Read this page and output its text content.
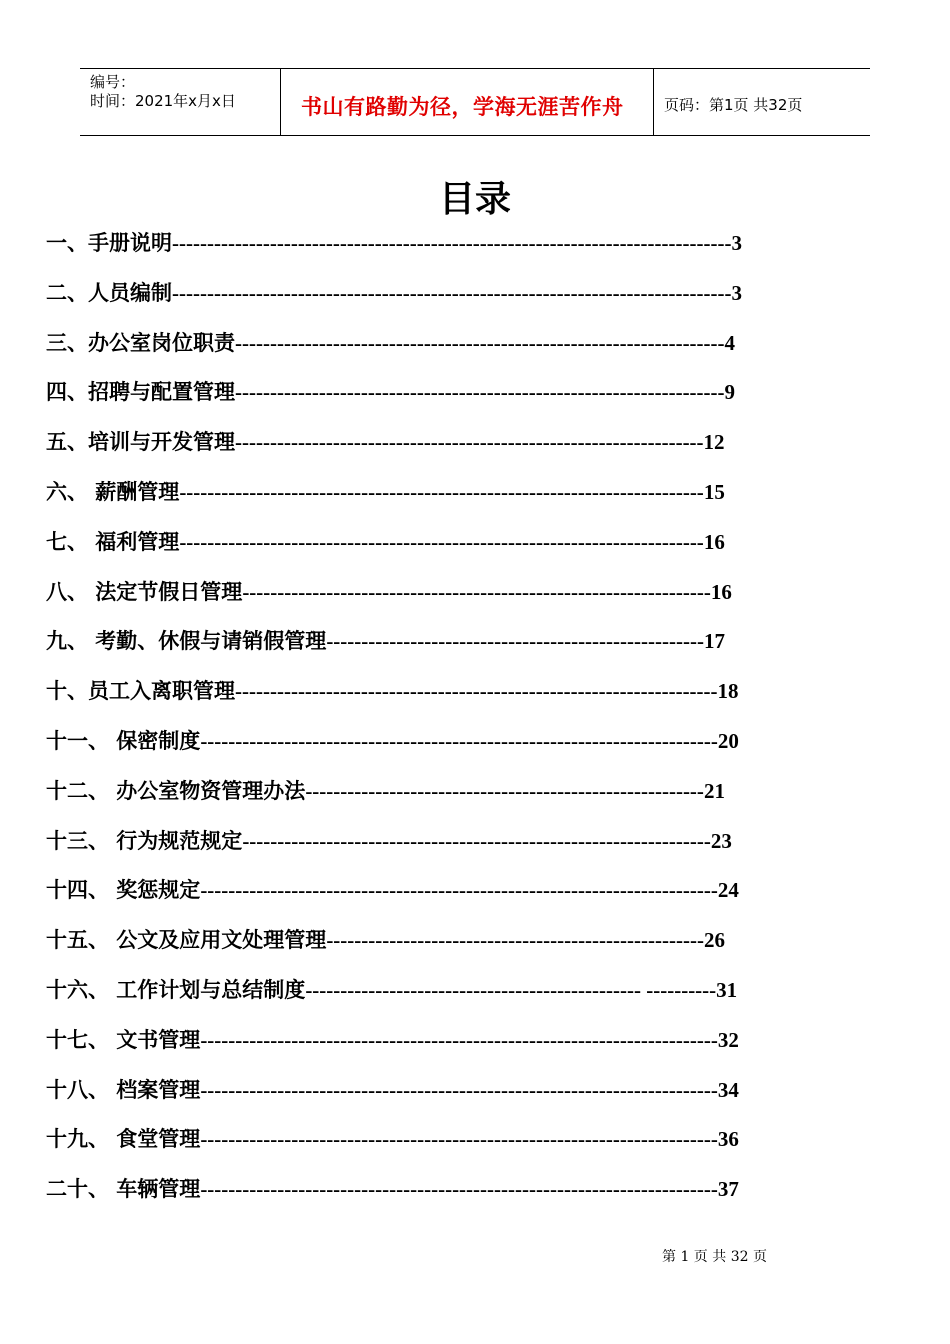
编号：
时间：2021年x月x日	书山有路勤为径，学海无涯苦作舟	页码：第1页 共32页
目录
一、手册说明--------------------------------------------------------------------------------3
二、人员编制--------------------------------------------------------------------------------3
三、办公室岗位职责----------------------------------------------------------------------4
四、招聘与配置管理----------------------------------------------------------------------9
五、培训与开发管理-------------------------------------------------------------------12
六、 薪酬管理---------------------------------------------------------------------------15
七、 福利管理---------------------------------------------------------------------------16
八、 法定节假日管理-------------------------------------------------------------------16
九、 考勤、休假与请销假管理------------------------------------------------------17
十、员工入离职管理---------------------------------------------------------------------18
十一、 保密制度--------------------------------------------------------------------------20
十二、 办公室物资管理办法---------------------------------------------------------21
十三、 行为规范规定-------------------------------------------------------------------23
十四、 奖惩规定--------------------------------------------------------------------------24
十五、 公文及应用文处理管理------------------------------------------------------26
十六、 工作计划与总结制度------------------------------------------------ ----------31
十七、 文书管理--------------------------------------------------------------------------32
十八、 档案管理--------------------------------------------------------------------------34
十九、 食堂管理--------------------------------------------------------------------------36
二十、 车辆管理--------------------------------------------------------------------------37
第 1 页 共 32 页
